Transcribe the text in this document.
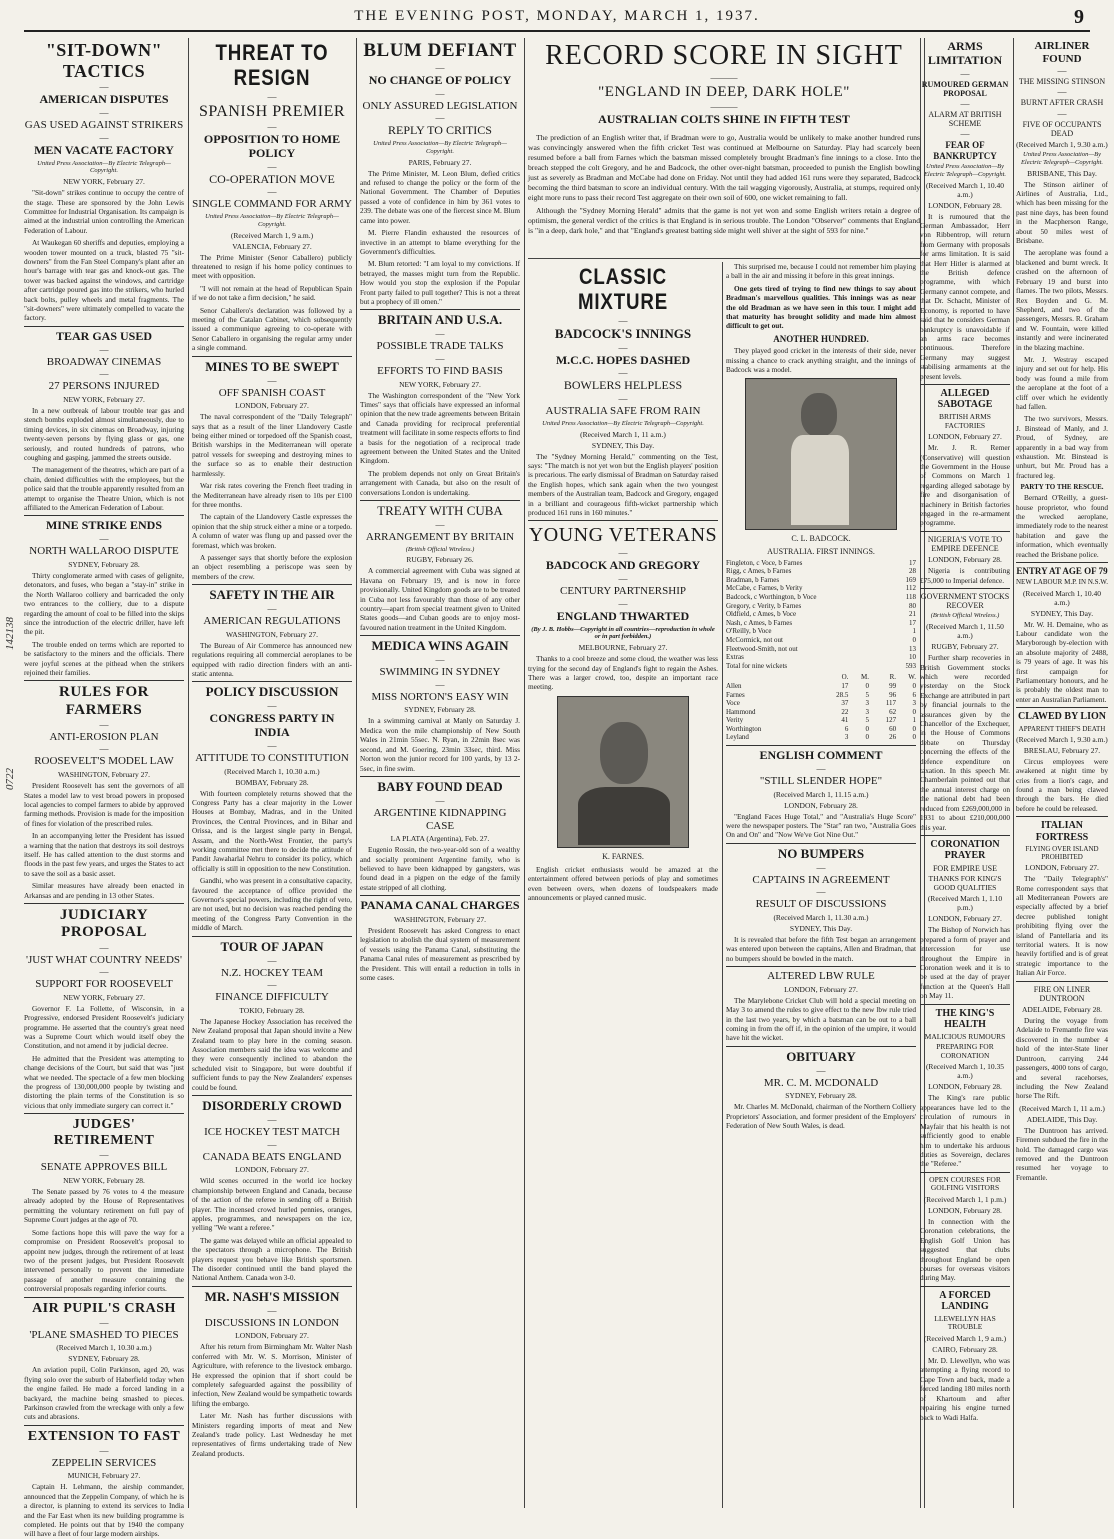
THE EVENING POST, MONDAY, MARCH 1, 1937.	9
142138
0722
"SIT-DOWN" TACTICS
—
AMERICAN DISPUTES
—
GAS USED AGAINST STRIKERS
—
MEN VACATE FACTORY
United Press Association—By Electric Telegraph—Copyright.
NEW YORK, February 27.

"Sit-down" strikes continue to occupy the centre of the stage. These are sponsored by the John Lewis Committee for Industrial Organisation. Its campaign is aimed at the industrial union controlling the American Federation of Labour.

At Waukegan 60 sheriffs and deputies, employing a wooden tower mounted on a truck, blasted 75 "sit-downers" from the Fan Steel Company's plant after an hour's barrage with tear gas and knock-out gas. The tower was backed against the windows, and cartridge after cartridge poured gas into the strikers, who hurled back bolts, pulley wheels and metal fragments. The "sit-downers" were ultimately compelled to vacate the factory.

TEAR GAS USED
—
BROADWAY CINEMAS
—
27 PERSONS INJURED
NEW YORK, February 27.

In a new outbreak of labour trouble tear gas and stench bombs exploded almost simultaneously, due to timing devices, in six cinemas on Broadway, injuring twenty-seven persons by flying glass or gas, one seriously, and routed hundreds of patrons, who coughing and gasping, jammed the streets outside.

The management of the theatres, which are part of a chain, denied difficulties with the employees, but the police said that the trouble apparently resulted from an attempt to organise the Theatre Union, which is not affiliated to the American Federation of Labour.

MINE STRIKE ENDS
—
NORTH WALLAROO DISPUTE
SYDNEY, February 28.

Thirty conglomerate armed with cases of gelignite, detonators, and fuses, who began a "stay-in" strike in the North Wallaroo colliery and barricaded the only two entrances to the colliery, due to a dispute regarding the amount of coal to be filled into the skips since the introduction of the electric driller, have left the pit.

The trouble ended on terms which are reported to be satisfactory to the miners and the officials. There were joyful scenes at the pithead when the strikers rejoined their families.

RULES FOR FARMERS
—
ANTI-EROSION PLAN
—
ROOSEVELT'S MODEL LAW
WASHINGTON, February 27.

President Roosevelt has sent the governors of all States a model law to vest broad powers in proposed local agencies to compel farmers to abide by approved farming methods. Provision is made for the imposition of fines for violation of the prescribed rules.

In an accompanying letter the President has issued a warning that the nation that destroys its soil destroys itself. He has called attention to the dust storms and floods in the past few years, and urges the States to act to save the soil as a basic asset.

Similar measures have already been enacted in Arkansas and are pending in 13 other States.

JUDICIARY PROPOSAL
—
'JUST WHAT COUNTRY NEEDS'
—
SUPPORT FOR ROOSEVELT
NEW YORK, February 27.

Governor F. La Follette, of Wisconsin, in a Progressive, endorsed President Roosevelt's judiciary programme. He asserted that the country's great need was a Supreme Court which would itself obey the Constitution, and not amend it by judicial decree.

He admitted that the President was attempting to change decisions of the Court, but said that was "just what we needed. The spectacle of a few men blocking the progress of 130,000,000 people by twisting and distorting the plain terms of the Constitution is so vicious that only immediate surgery can correct it."

JUDGES' RETIREMENT
—
SENATE APPROVES BILL
NEW YORK, February 28.

The Senate passed by 76 votes to 4 the measure already adopted by the House of Representatives permitting the voluntary retirement on full pay of Supreme Court judges at the age of 70.

Some factions hope this will pave the way for a compromise on President Roosevelt's proposal to appoint new judges, through the retirement of at least two of the present judges, but President Roosevelt intervened personally to prevent the immediate passage of another measure containing the controversial proposals regarding inferior courts.

AIR PUPIL'S CRASH
—
'PLANE SMASHED TO PIECES
(Received March 1, 10.30 a.m.)
SYDNEY, February 28.

An aviation pupil, Colin Parkinson, aged 20, was flying solo over the suburb of Haberfield today when the engine failed. He made a forced landing in a backyard, the machine being smashed to pieces. Parkinson crawled from the wreckage with only a few cuts and abrasions.

EXTENSION TO FAST
—
ZEPPELIN SERVICES
MUNICH, February 27.

Captain H. Lehmann, the airship commander, announced that the Zeppelin Company, of which he is a director, is planning to extend its services to India and the Far East when its new building programme is completed. He points out that by 1940 the company will have a fleet of four large modern airships.

THREAT TO RESIGN
—
SPANISH PREMIER
—
OPPOSITION TO HOME POLICY
—
CO-OPERATION MOVE
—
SINGLE COMMAND FOR ARMY
United Press Association—By Electric Telegraph—Copyright.
(Received March 1, 9 a.m.)
VALENCIA, February 27.

The Prime Minister (Senor Caballero) publicly threatened to resign if his home policy continues to meet with opposition.

"I will not remain at the head of Republican Spain if we do not take a firm decision," he said.

Senor Caballero's declaration was followed by a meeting of the Catalan Cabinet, which subsequently issued a communique agreeing to co-operate with Senor Caballero in organising the regular army under a single command.

MINES TO BE SWEPT
—
OFF SPANISH COAST
LONDON, February 27.

The naval correspondent of the "Daily Telegraph" says that as a result of the liner Llandovery Castle being either mined or torpedoed off the Spanish coast, British warships in the Mediterranean will operate patrol vessels for sweeping and destroying mines to the surface so as to enable their destruction harmlessly.

War risk rates covering the French fleet trading in the Mediterranean have already risen to 10s per £100 for three months.

The captain of the Llandovery Castle expresses the opinion that the ship struck either a mine or a torpedo. A column of water was flung up and passed over the foremast, which was broken.

A passenger says that shortly before the explosion an object resembling a periscope was seen by members of the crew.

SAFETY IN THE AIR
—
AMERICAN REGULATIONS
WASHINGTON, February 27.

The Bureau of Air Commerce has announced new regulations requiring all commercial aeroplanes to be equipped with radio direction finders with an anti-static antenna.

POLICY DISCUSSION
—
CONGRESS PARTY IN INDIA
—
ATTITUDE TO CONSTITUTION
(Received March 1, 10.30 a.m.)
BOMBAY, February 28.

With fourteen completely returns showed that the Congress Party has a clear majority in the Lower Houses at Bombay, Madras, and in the United Provinces, the Central Provinces, and in Bihar and Orissa, and is the largest single party in Bengal, Assam, and the North-West Frontier, the party's working committee met there to decide the attitude of Pandit Jawaharlal Nehru to consider its policy, which officially is still in opposition to the new Constitution.

Gandhi, who was present in a consultative capacity, favoured the acceptance of office provided the Governor's special powers, including the right of veto, are not used, but no decision was reached pending the meeting of the Congress Party Convention in the middle of March.

TOUR OF JAPAN
—
N.Z. HOCKEY TEAM
—
FINANCE DIFFICULTY
TOKIO, February 28.

The Japanese Hockey Association has received the New Zealand proposal that Japan should invite a New Zealand team to play here in the coming season. Association members said the idea was welcome and they were consequently inclined to abandon the scheduled visit to Singapore, but were doubtful if sufficient funds to pay the New Zealanders' expenses could be found.

DISORDERLY CROWD
—
ICE HOCKEY TEST MATCH
—
CANADA BEATS ENGLAND
LONDON, February 27.

Wild scenes occurred in the world ice hockey championship between England and Canada, because of the action of the referee in sending off a British player. The incensed crowd hurled pennies, oranges, apples, programmes, and newspapers on the ice, yelling "We want a referee."

The game was delayed while an official appealed to the spectators through a microphone. The British players request you behave like British sportsmen. The disorder continued until the band played the National Anthem. Canada won 3-0.

MR. NASH'S MISSION
—
DISCUSSIONS IN LONDON
LONDON, February 27.

After his return from Birmingham Mr. Walter Nash conferred with Mr. W. S. Morrison, Minister of Agriculture, with reference to the livestock embargo. He expressed the opinion that if short could be completely safeguarded against the possibility of infection, New Zealand would be sympathetic towards lifting the embargo.

Later Mr. Nash has further discussions with Ministers regarding imports of meat and New Zealand's trade policy. Last Wednesday he met representatives of firms undertaking trade of New Zealand products.

BLUM DEFIANT
—
NO CHANGE OF POLICY
—
ONLY ASSURED LEGISLATION
—
REPLY TO CRITICS
United Press Association—By Electric Telegraph—Copyright.
PARIS, February 27.

The Prime Minister, M. Leon Blum, defied critics and refused to change the policy or the form of the National Government. The Chamber of Deputies passed a vote of confidence in him by 361 votes to 239. The debate was one of the fiercest since M. Blum came into power.

M. Pierre Flandin exhausted the resources of invective in an attempt to blame everything for the Government's difficulties.

M. Blum retorted: "I am loyal to my convictions. If betrayed, the masses might turn from the Republic. How would you stop the explosion if the Popular Front party failed to pull together? This is not a threat but a prophecy of ill omen."

BRITAIN AND U.S.A.
—
POSSIBLE TRADE TALKS
—
EFFORTS TO FIND BASIS
NEW YORK, February 27.

The Washington correspondent of the "New York Times" says that officials have expressed an informal opinion that the new trade agreements between Britain and Canada providing for reciprocal preferential treatment will facilitate in some respects efforts to find a basis for the negotiation of a reciprocal trade agreement between the United States and the United Kingdom.

The problem depends not only on Great Britain's arrangement with Canada, but also on the result of conversations London is undertaking.

TREATY WITH CUBA
—
ARRANGEMENT BY BRITAIN
(British Official Wireless.)
RUGBY, February 26.

A commercial agreement with Cuba was signed at Havana on February 19, and is now in force provisionally. United Kingdom goods are to be treated in Cuba not less favourably than those of any other country—apart from special treatment given to United States goods—and Cuban goods are to enjoy most-favoured nation treatment in the United Kingdom.

MEDICA WINS AGAIN
—
SWIMMING IN SYDNEY
—
MISS NORTON'S EASY WIN
SYDNEY, February 28.

In a swimming carnival at Manly on Saturday J. Medica won the mile championship of New South Wales in 21min 55sec. N. Ryan, in 22min 8sec was second, and M. Goering, 23min 33sec, third. Miss Norton won the junior record for 100 yards, by 13 2-5sec, in fine swim.

BABY FOUND DEAD
—
ARGENTINE KIDNAPPING CASE
LA PLATA (Argentina), Feb. 27.

Eugenio Rossin, the two-year-old son of a wealthy and socially prominent Argentine family, who is believed to have been kidnapped by gangsters, was found dead in a pigpen on the edge of the family estate stripped of all clothing.

PANAMA CANAL CHARGES
WASHINGTON, February 27.

President Roosevelt has asked Congress to enact legislation to abolish the dual system of measurement of vessels using the Panama Canal, substituting the Panama Canal rules of measurement as prescribed by the President. This will entail a reduction in tolls in some cases.

RECORD SCORE IN SIGHT
———
"ENGLAND IN DEEP, DARK HOLE"
———
AUSTRALIAN COLTS SHINE IN FIFTH TEST

The prediction of an English writer that, if Bradman were to go, Australia would be unlikely to make another hundred runs was convincingly answered when the fifth cricket Test was continued at Melbourne on Saturday. Play had scarcely been resumed before a ball from Farnes which the batsman missed completely brought Bradman's fine innings to a close. Into the breach stepped the colt Gregory, and he and Badcock, the other over-night batsman, proceeded to punish the English bowling just as severely as Bradman and McCabe had done on Friday. Not until they had added 161 runs were they separated, Badcock becoming the third batsman to score an individual century. With the tail wagging vigorously, Australia, at stumps, required only eight more runs to pass their record Test aggregate on their own soil of 600, one wicket remaining to fall.

Although the "Sydney Morning Herald" admits that the game is not yet won and some English writers retain a degree of optimism, the general verdict of the critics is that England is in serious trouble. The London "Observer" comments that England is "in a deep, dark hole," and that "England's greatest batting side might well shiver at the sight of 593 for nine."

CLASSIC MIXTURE
—
BADCOCK'S INNINGS
—
M.C.C. HOPES DASHED
—
BOWLERS HELPLESS
—
AUSTRALIA SAFE FROM RAIN
United Press Association—By Electric Telegraph—Copyright.
(Received March 1, 11 a.m.)
SYDNEY, This Day.

The "Sydney Morning Herald," commenting on the Test, says: "The match is not yet won but the English players' position is precarious. The early dismissal of Bradman on Saturday raised the English hopes, which sank again when the two youngest members of the Australian team, Badcock and Gregory, engaged in a brilliant and courageous fifth-wicket partnership which produced 161 runs in 160 minutes."

YOUNG VETERANS
—
BADCOCK AND GREGORY
—
CENTURY PARTNERSHIP
—
ENGLAND THWARTED
(By J. B. Hobbs—Copyright in all countries—reproduction in whole or in part forbidden.)
MELBOURNE, February 27.

Thanks to a cool breeze and some cloud, the weather was less trying for the second day of England's fight to regain the Ashes. There was a larger crowd, too, despite an important race meeting.

K. FARNES.

English cricket enthusiasts would be amazed at the entertainment offered between periods of play and sometimes even between overs, when dozens of loudspeakers made announcements or played canned music.

This surprised me, because I could not remember him playing a ball in the air and missing it before in this great innings.

One gets tired of trying to find new things to say about Bradman's marvellous qualities. This innings was as near the old Bradman as we have seen in this tour. I might add that maturity has brought solidity and made him almost difficult to get out.

ANOTHER HUNDRED.

They played good cricket in the interests of their side, never missing a chance to crack anything straight, and the innings of Badcock was a model.

C. L. BADCOCK.
AUSTRALIA. FIRST INNINGS.
Fingleton, c Voce, b Farnes	17
Rigg, c Ames, b Farnes	28
Bradman, b Farnes	169
McCabe, c Farnes, b Verity	112
Badcock, c Worthington, b Voce	118
Gregory, c Verity, b Farnes	80
Oldfield, c Ames, b Voce	21
Nash, c Ames, b Farnes	17
O'Reilly, b Voce	1
McCormick, not out	0
Fleetwood-Smith, not out	13
Extras	10
Total for nine wickets	593
	O.	M.	R.	W.
Allen	17	0	99	0
Farnes	28.5	5	96	6
Voce	37	3	117	3
Hammond	22	3	62	0
Verity	41	5	127	1
Worthington	6	0	60	0
Leyland	3	0	26	0
ENGLISH COMMENT
—
"STILL SLENDER HOPE"
(Received March 1, 11.15 a.m.)
LONDON, February 28.

"England Faces Huge Total," and "Australia's Huge Score" were the newspaper posters. The "Star" ran two, "Australia Goes On and On" and "Now We've Got Nine Out."

NO BUMPERS
—
CAPTAINS IN AGREEMENT
—
RESULT OF DISCUSSIONS
(Received March 1, 11.30 a.m.)
SYDNEY, This Day.

It is revealed that before the fifth Test began an arrangement was entered upon between the captains, Allen and Bradman, that no bumpers should be bowled in the match.

ALTERED LBW RULE
LONDON, February 27.

The Marylebone Cricket Club will hold a special meeting on May 3 to amend the rules to give effect to the new lbw rule tried in the last two years, by which a batsman can be out to a ball coming in from the off if, in the opinion of the umpire, it would have hit the wicket.

OBITUARY
—
MR. C. M. MCDONALD
SYDNEY, February 28.

Mr. Charles M. McDonald, chairman of the Northern Colliery Proprietors' Association, and former president of the Employers' Federation of New South Wales, is dead.

ARMS LIMITATION
—
RUMOURED GERMAN PROPOSAL
—
ALARM AT BRITISH SCHEME
—
FEAR OF BANKRUPTCY
United Press Association—By Electric Telegraph—Copyright.
(Received March 1, 10.40 a.m.)
LONDON, February 28.

It is rumoured that the German Ambassador, Herr von Ribbentrop, will return from Germany with proposals for arms limitation. It is said that Herr Hitler is alarmed at the British defence programme, with which Germany cannot compete, and that Dr. Schacht, Minister of Economy, is reported to have said that he considers German bankruptcy is unavoidable if an arms race becomes continuous. Therefore Germany may suggest stabilising armaments at the present levels.

ALLEGED SABOTAGE
BRITISH ARMS FACTORIES
LONDON, February 27.

Mr. J. R. Remer (Conservative) will question the Government in the House of Commons on March 1 regarding alleged sabotage by fire and disorganisation of machinery in British factories engaged in the re-armament programme.

NIGERIA'S VOTE TO EMPIRE DEFENCE
LONDON, February 28.

Nigeria is contributing £75,000 to Imperial defence.

GOVERNMENT STOCKS RECOVER
(British Official Wireless.)
(Received March 1, 11.50 a.m.)
RUGBY, February 27.

Further sharp recoveries in British Government stocks which were recorded yesterday on the Stock Exchange are attributed in part by financial journals to the assurances given by the Chancellor of the Exchequer, in the House of Commons debate on Thursday concerning the effects of the defence expenditure on taxation. In this speech Mr. Chamberlain pointed out that the annual interest charge on the national debt had been reduced from £269,000,000 in 1931 to about £210,000,000 this year.

CORONATION PRAYER
FOR EMPIRE USE
THANKS FOR KING'S GOOD QUALITIES
(Received March 1, 1.10 p.m.)
LONDON, February 27.

The Bishop of Norwich has prepared a form of prayer and intercession for use throughout the Empire in Coronation week and it is to be used at the day of prayer function at the Queen's Hall on May 11.

THE KING'S HEALTH
MALICIOUS RUMOURS
PREPARING FOR CORONATION
(Received March 1, 10.35 a.m.)
LONDON, February 28.

The King's rare public appearances have led to the circulation of rumours in Mayfair that his health is not sufficiently good to enable him to undertake his arduous duties as Sovereign, declares the "Referee."

OPEN COURSES FOR GOLFING VISITORS
(Received March 1, 1 p.m.)
LONDON, February 28.

In connection with the Coronation celebrations, the English Golf Union has suggested that clubs throughout England be open courses for overseas visitors during May.

A FORCED LANDING
LLEWELLYN HAS TROUBLE
(Received March 1, 9 a.m.)
CAIRO, February 28.

Mr. D. Llewellyn, who was attempting a flying record to Cape Town and back, made a forced landing 180 miles north of Khartoum and after repairing his engine turned back to Wadi Halfa.

AIRLINER FOUND
—
THE MISSING STINSON
—
BURNT AFTER CRASH
—
FIVE OF OCCUPANTS DEAD
(Received March 1, 9.30 a.m.)
United Press Association—By Electric Telegraph—Copyright.
BRISBANE, This Day.

The Stinson airliner of Airlines of Australia, Ltd., which has been missing for the past nine days, has been found in the Macpherson Range, about 50 miles west of Brisbane.

The aeroplane was found a blackened and burnt wreck. It crashed on the afternoon of February 19 and burst into flames. The two pilots, Messrs. Rex Boyden and G. M. Shepherd, and two of the passengers, Messrs. R. Graham and W. Fountain, were killed instantly and were incinerated in the blazing machine.

Mr. J. Westray escaped injury and set out for help. His body was found a mile from the aeroplane at the foot of a cliff over which he evidently had fallen.

The two survivors, Messrs. J. Binstead of Manly, and J. Proud, of Sydney, are apparently in a bad way from exhaustion. Mr. Binstead is unhurt, but Mr. Proud has a fractured leg.

PARTY TO THE RESCUE.

Bernard O'Reilly, a guest-house proprietor, who found the wrecked aeroplane, immediately rode to the nearest habitation and gave the information, which eventually reached the Brisbane police.

ENTRY AT AGE OF 79
NEW LABOUR M.P. IN N.S.W.
(Received March 1, 10.40 a.m.)
SYDNEY, This Day.

Mr. W. H. Demaine, who as Labour candidate won the Maryborough by-election with an absolute majority of 2488, is 79 years of age. It was his first campaign for Parliamentary honours, and he is probably the oldest man to enter an Australian Parliament.

CLAWED BY LION
APPARENT THIEF'S DEATH
(Received March 1, 9.30 a.m.)
BRESLAU, February 27.

Circus employees were awakened at night time by cries from a lion's cage, and found a man being clawed through the bars. He died before he could be released.

ITALIAN FORTRESS
FLYING OVER ISLAND PROHIBITED
LONDON, February 27.

The "Daily Telegraph's" Rome correspondent says that all Mediterranean Powers are especially affected by a brief decree published tonight prohibiting flying over the island of Pantellaria and its territorial waters. It is now heavily fortified and is of great strategic importance to the Italian Air Force.

FIRE ON LINER DUNTROON
ADELAIDE, February 28.

During the voyage from Adelaide to Fremantle fire was discovered in the number 4 hold of the inter-State liner Duntroon, carrying 244 passengers, 4000 tons of cargo, and several racehorses, including the New Zealand horse The Rift.

(Received March 1, 11 a.m.)
ADELAIDE, This Day.

The Duntroon has arrived. Firemen subdued the fire in the hold. The damaged cargo was removed and the Duntroon resumed her voyage to Fremantle.
